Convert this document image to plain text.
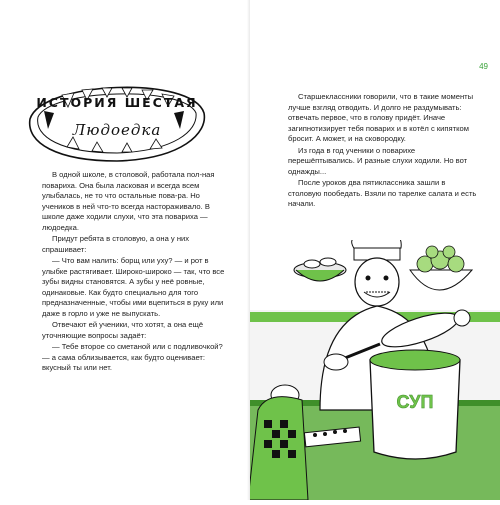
ИСТОРИЯ ШЕСТАЯ
Людоедка

В одной школе, в столовой, работала пол-ная повариха. Она была ласковая и всегда всем улыбалась, не то что остальные пова-ра. Но учеников в ней что-то всегда настораживало. В школе даже ходили слухи, что эта повариха — людоедка.

Придут ребята в столовую, а она у них спрашивает:

— Что вам налить: борщ или уху? — и рот в улыбке растягивает. Широко-широко — так, что все зубы видны становятся. А зубы у неё ровные, одинаковые. Как будто специально для того предназначенные, чтобы ими вцепиться в руку или даже в горло и уже не выпускать.

Отвечают ей ученики, что хотят, а она ещё уточняющие вопросы задаёт:

— Тебе второе со сметаной или с подливочкой? — а сама облизывается, как будто оценивает: вкусный ты или нет.

49

Старшеклассники говорили, что в такие моменты лучше взгляд отводить. И долго не раздумывать: отвечать первое, что в голову придёт. Иначе загипнотизирует тебя поварих и в котёл с кипятком бросит. А может, и на сковородку.

Из года в год ученики о поварихе перешёптывались. И разные слухи ходили. Но вот однажды...

После уроков два пятиклассника зашли в столовую пообедать. Взяли по тарелке салата и есть начали.

СУП
